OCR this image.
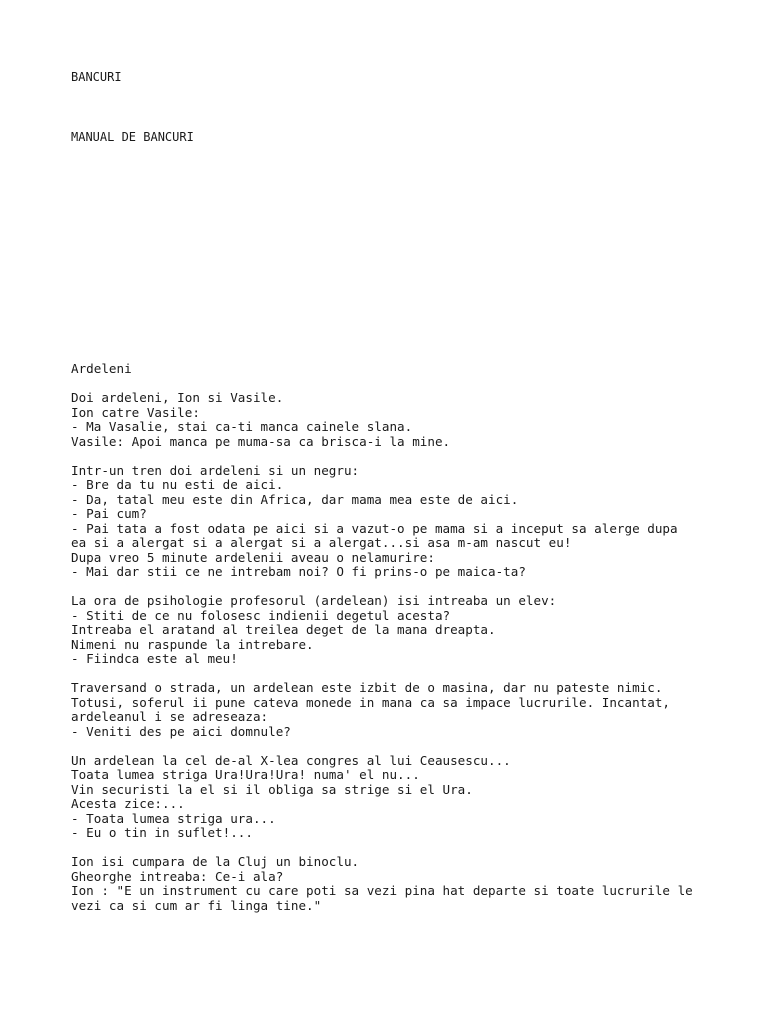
BANCURI
MANUAL DE BANCURI
Ardeleni
Doi ardeleni, Ion si Vasile.
Ion catre Vasile:
- Ma Vasalie, stai ca-ti manca cainele slana.
Vasile: Apoi manca pe muma-sa ca brisca-i la mine.
Intr-un tren doi ardeleni si un negru:
- Bre da tu nu esti de aici.
- Da, tatal meu este din Africa, dar mama mea este de aici.
- Pai cum?
- Pai tata a fost odata pe aici si a vazut-o pe mama si a inceput sa alerge dupa
ea si a alergat si a alergat si a alergat...si asa m-am nascut eu!
Dupa vreo 5 minute ardelenii aveau o nelamurire:
- Mai dar stii ce ne intrebam noi? O fi prins-o pe maica-ta?
La ora de psihologie profesorul (ardelean) isi intreaba un elev:
- Stiti de ce nu folosesc indienii degetul acesta?
Intreaba el aratand al treilea deget de la mana dreapta.
Nimeni nu raspunde la intrebare.
- Fiindca este al meu!
Traversand o strada, un ardelean este izbit de o masina, dar nu pateste nimic.
Totusi, soferul ii pune cateva monede in mana ca sa impace lucrurile. Incantat,
ardeleanul i se adreseaza:
- Veniti des pe aici domnule?
Un ardelean la cel de-al X-lea congres al lui Ceausescu...
Toata lumea striga Ura!Ura!Ura! numa' el nu...
Vin securisti la el si il obliga sa strige si el Ura.
Acesta zice:...
- Toata lumea striga ura...
- Eu o tin in suflet!...
Ion isi cumpara de la Cluj un binoclu.
Gheorghe intreaba: Ce-i ala?
Ion : "E un instrument cu care poti sa vezi pina hat departe si toate lucrurile le
vezi ca si cum ar fi linga tine."
